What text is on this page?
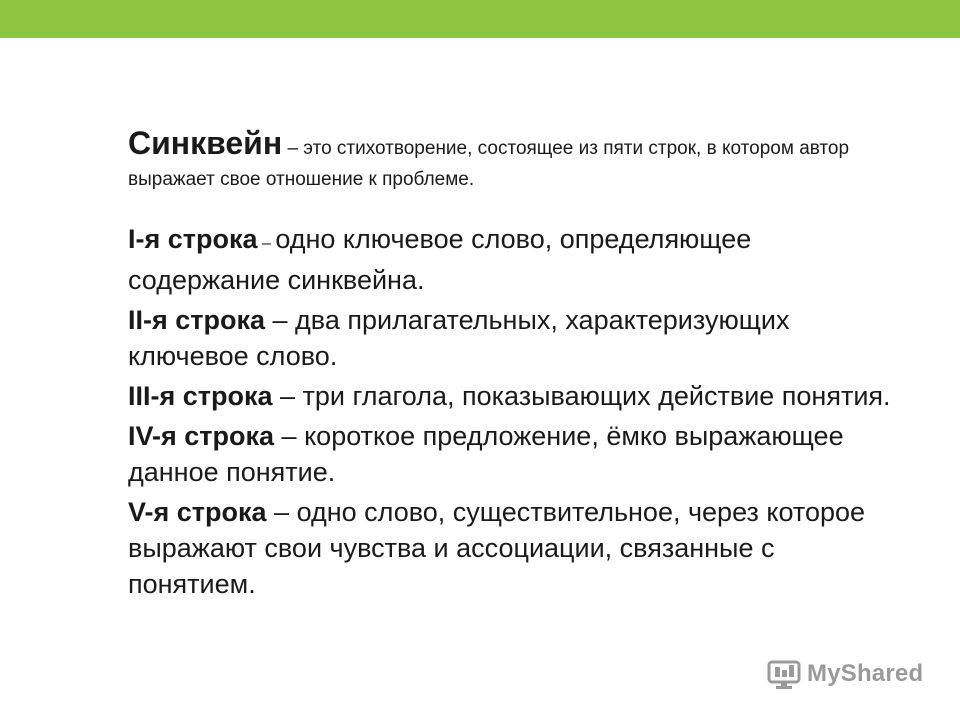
Синквейн – это стихотворение, состоящее из пяти строк, в котором автор выражает свое отношение к проблеме.

I-я строка – одно ключевое слово, определяющее содержание синквейна.

II-я строка – два прилагательных, характеризующих ключевое слово.

III-я строка – три глагола, показывающих действие понятия.

IV-я строка – короткое предложение, ёмко выражающее данное понятие.

V-я строка – одно слово, существительное, через которое выражают свои чувства и ассоциации, связанные с понятием.

MyShared
